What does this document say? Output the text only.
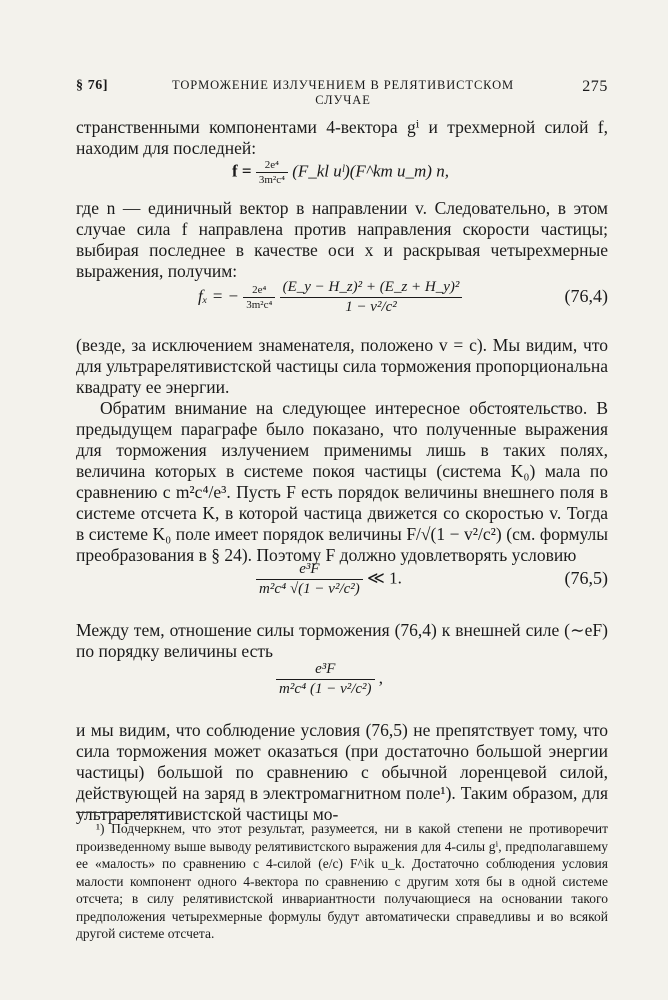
§ 76]	ТОРМОЖЕНИЕ ИЗЛУЧЕНИЕМ В РЕЛЯТИВИСТСКОМ СЛУЧАЕ
275
странственными компонентами 4-вектора gⁱ и трехмерной силой f, находим для последней:
$f = \frac{\text{2e⁴}}{\text{3m²c⁴}}$ (F_kl uˡ)(F^km u_m) n,
где n — единичный вектор в направлении v. Следовательно, в этом случае сила f направлена против направления скорости частицы; выбирая последнее в качестве оси x и раскрывая четырехмерные выражения, получим:
fₓ = − $\frac{\text{2e⁴}}{\text{3m²c⁴}}$
$\frac{\text{(E\_y − H\_z)² + (E\_z + H\_y)²}}{\text{1 − v²/c²}}$	(76,4)
(везде, за исключением знаменателя, положено v = c). Мы видим, что для ультрарелятивистской частицы сила торможения пропорциональна квадрату ее энергии.
Обратим внимание на следующее интересное обстоятельство. В предыдущем параграфе было показано, что полученные выражения для торможения излучением применимы лишь в таких полях, величина которых в системе покоя частицы (система K₀) мала по сравнению с m²c⁴/e³. Пусть F есть порядок величины внешнего поля в системе отсчета K, в которой частица движется со скоростью v. Тогда в системе K₀ поле имеет порядок величины F/√(1 − v²/c²) (см. формулы преобразования в § 24). Поэтому F должно удовлетворять условию
$\frac{\text{e³F}}{\text{m²c⁴ √(1 − v²/c²)}}$ ≪ 1.	(76,5)
Между тем, отношение силы торможения (76,4) к внешней силе (∼eF) по порядку величины есть
$\frac{\text{e³F}}{\text{m²c⁴ (1 − v²/c²)}}$ ,
и мы видим, что соблюдение условия (76,5) не препятствует тому, что сила торможения может оказаться (при достаточно большой энергии частицы) большой по сравнению с обычной лоренцевой силой, действующей на заряд в электромагнитном поле¹). Таким образом, для ультрарелятивистской частицы мо-
¹) Подчеркнем, что этот результат, разумеется, ни в какой степени не противоречит произведенному выше выводу релятивистского выражения для 4-силы gⁱ, предполагавшему ее «малость» по сравнению с 4-силой (e/c) F^ik u_k. Достаточно соблюдения условия малости компонент одного 4-вектора по сравнению с другим хотя бы в одной системе отсчета; в силу релятивистской инвариантности получающиеся на основании такого предположения четырехмерные формулы будут автоматически справедливы и во всякой другой системе отсчета.
